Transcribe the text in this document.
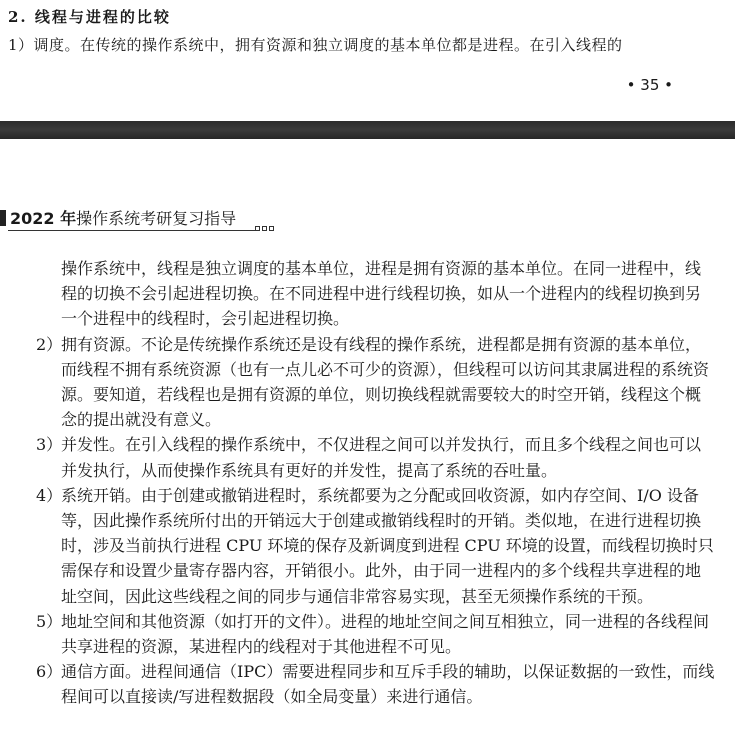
2. 线程与进程的比较
1）调度。在传统的操作系统中，拥有资源和独立调度的基本单位都是进程。在引入线程的
• 35 •
2022 年操作系统考研复习指导

操作系统中，线程是独立调度的基本单位，进程是拥有资源的基本单位。在同一进程中，线程的切换不会引起进程切换。在不同进程中进行线程切换，如从一个进程内的线程切换到另一个进程中的线程时，会引起进程切换。

2）
拥有资源。不论是传统操作系统还是设有线程的操作系统，进程都是拥有资源的基本单位，而线程不拥有系统资源（也有一点儿必不可少的资源），但线程可以访问其隶属进程的系统资源。要知道，若线程也是拥有资源的单位，则切换线程就需要较大的时空开销，线程这个概念的提出就没有意义。
3）
并发性。在引入线程的操作系统中，不仅进程之间可以并发执行，而且多个线程之间也可以并发执行，从而使操作系统具有更好的并发性，提高了系统的吞吐量。
4）
系统开销。由于创建或撤销进程时，系统都要为之分配或回收资源，如内存空间、I/O 设备等，因此操作系统所付出的开销远大于创建或撤销线程时的开销。类似地，在进行进程切换时，涉及当前执行进程 CPU 环境的保存及新调度到进程 CPU 环境的设置，而线程切换时只需保存和设置少量寄存器内容，开销很小。此外，由于同一进程内的多个线程共享进程的地址空间，因此这些线程之间的同步与通信非常容易实现，甚至无须操作系统的干预。
5）
地址空间和其他资源（如打开的文件）。进程的地址空间之间互相独立，同一进程的各线程间共享进程的资源，某进程内的线程对于其他进程不可见。
6）
通信方面。进程间通信（IPC）需要进程同步和互斥手段的辅助，以保证数据的一致性，而线程间可以直接读/写进程数据段（如全局变量）来进行通信。
